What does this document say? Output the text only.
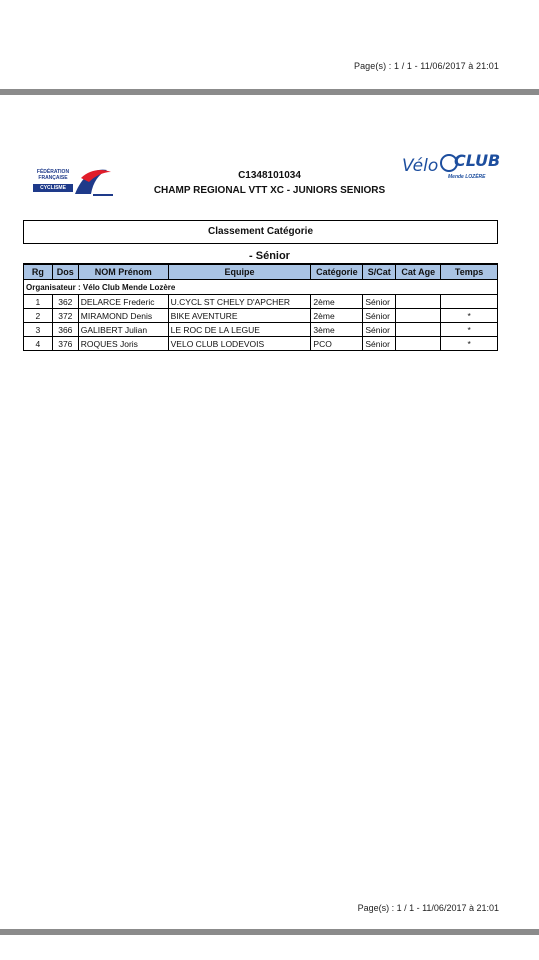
Page(s) : 1 / 1 - 11/06/2017 à 21:01
FÉDÉRATION FRANÇAISE
CYCLISME
C1348101034
CHAMP REGIONAL VTT XC - JUNIORS SENIORS
Vélo CLUB
Mende LOZÈRE
Classement Catégorie
- Sénior
Organisateur : Vélo Club Mende Lozère							
Rg	Dos	NOM Prénom	Equipe	Catégorie	S/Cat	Cat Age	Temps
1	362	DELARCE Frederic	U.CYCL ST CHELY D'APCHER	2ème	Sénior		
2	372	MIRAMOND Denis	BIKE AVENTURE	2ème	Sénior		*
3	366	GALIBERT Julian	LE ROC DE LA LEGUE	3ème	Sénior		*
4	376	ROQUES Joris	VELO CLUB LODEVOIS	PCO	Sénior		*
Page(s) : 1 / 1 - 11/06/2017 à 21:01
